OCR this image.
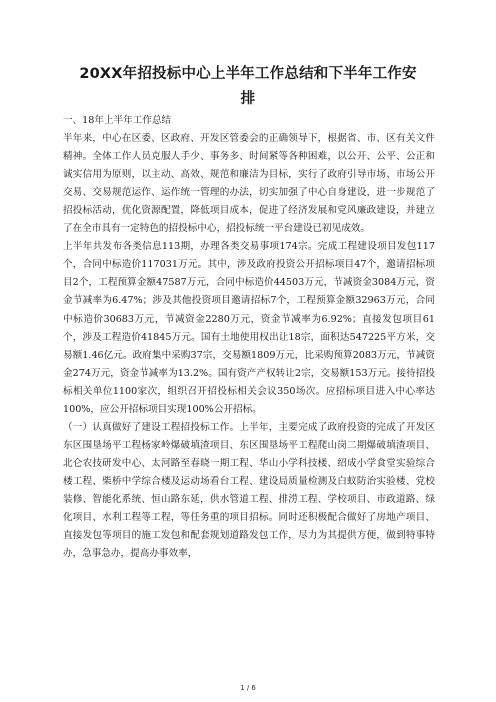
20XX年招投标中心上半年工作总结和下半年工作安
排

一、18年上半年工作总结

半年来，中心在区委、区政府、开发区管委会的正确领导下，根据省、市、区有关文件精神。全体工作人员克服人手少、事务多、时间紧等各种困难，以公开、公平、公正和诚实信用为原则，以主动、高效、规范和廉洁为目标，实行了政府引导市场、市场公开交易、交易规范运作、运作统一管理的办法，切实加强了中心自身建设，进一步规范了招投标活动，优化资源配置，降低项目成本，促进了经济发展和党风廉政建设，并建立了在全市具有一定特色的招投标中心，招投标统一平台建设已初见成效。

上半年共发布各类信息113期，办理各类交易事项174宗。完成工程建设项目发包117个，合同中标造价117031万元。其中，涉及政府投资公开招标项目47个，邀请招标项目2个，工程预算金额47587万元，合同中标造价44503万元，节减资金3084万元，资金节减率为6.47%；涉及其他投资项目邀请招标7个，工程预算金额32963万元，合同中标造价30683万元，节减资金2280万元，资金节减率为6.92%；直接发包项目61个，涉及工程造价41845万元。国有土地使用权出让18宗，面积达547225平方米，交易额1.46亿元。政府集中采购37宗，交易额1809万元，比采购预算2083万元，节减资金274万元，资金节减率为13.2%。国有资产产权转让2宗，交易额153万元。接待招投标相关单位1100家次，组织召开招投标相关会议350场次。应招标项目进入中心率达100%，应公开招标项目实现100%公开招标。

（一）认真做好了建设工程招投标工作。上半年，主要完成了政府投资的完成了开发区东区围垦场平工程杨家岭爆破填渣项目、东区围垦场平工程爬山岗二期爆破填渣项目、北仑农技研发中心、太河路至春晓一期工程、华山小学科技楼、绍成小学食堂实验综合楼工程、柴桥中学综合楼及运动场看台工程、建设局质量检测及白蚁防治实验楼、党校装修、智能化系统、恒山路东延，供水管道工程、排涝工程、学校项目、市政道路、绿化项目、水利工程等工程，等任务重的项目招标。同时还积极配合做好了房地产项目、直接发包等项目的施工发包和配套规划道路发包工作，尽力为其提供方便，做到特事特办，急事急办，提高办事效率，

1 / 6
